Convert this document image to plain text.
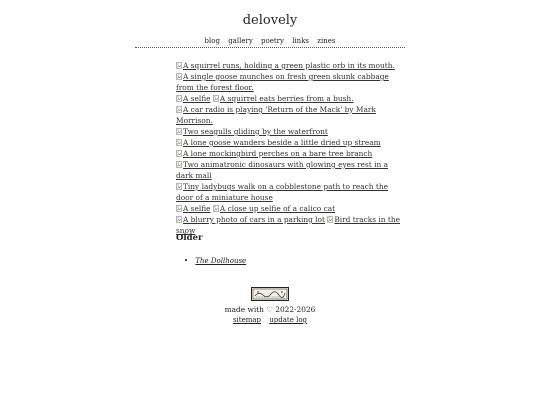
delovely
blog gallery poetry links zines
A squirrel runs, holding a green plastic orb in its mouth.
A single goose munches on fresh green skunk cabbage from the forest floor.
A selfie A squirrel eats berries from a bush.
A car radio is playing 'Return of the Mack' by Mark Morrison.
Two seagulls gliding by the waterfront
A lone goose wanders beside a little dried up stream
A lone mockingbird perches on a bare tree branch
Two animatronic dinosaurs with glowing eyes rest in a dark mall
Tiny ladybugs walk on a cobblestone path to reach the door of a miniature house
A selfie A close up selfie of a calico cat
A blurry photo of cars in a parking lot Bird tracks in the snow
Older
• The Dollhouse
made with ♡ 2022-2026
sitemap update log
